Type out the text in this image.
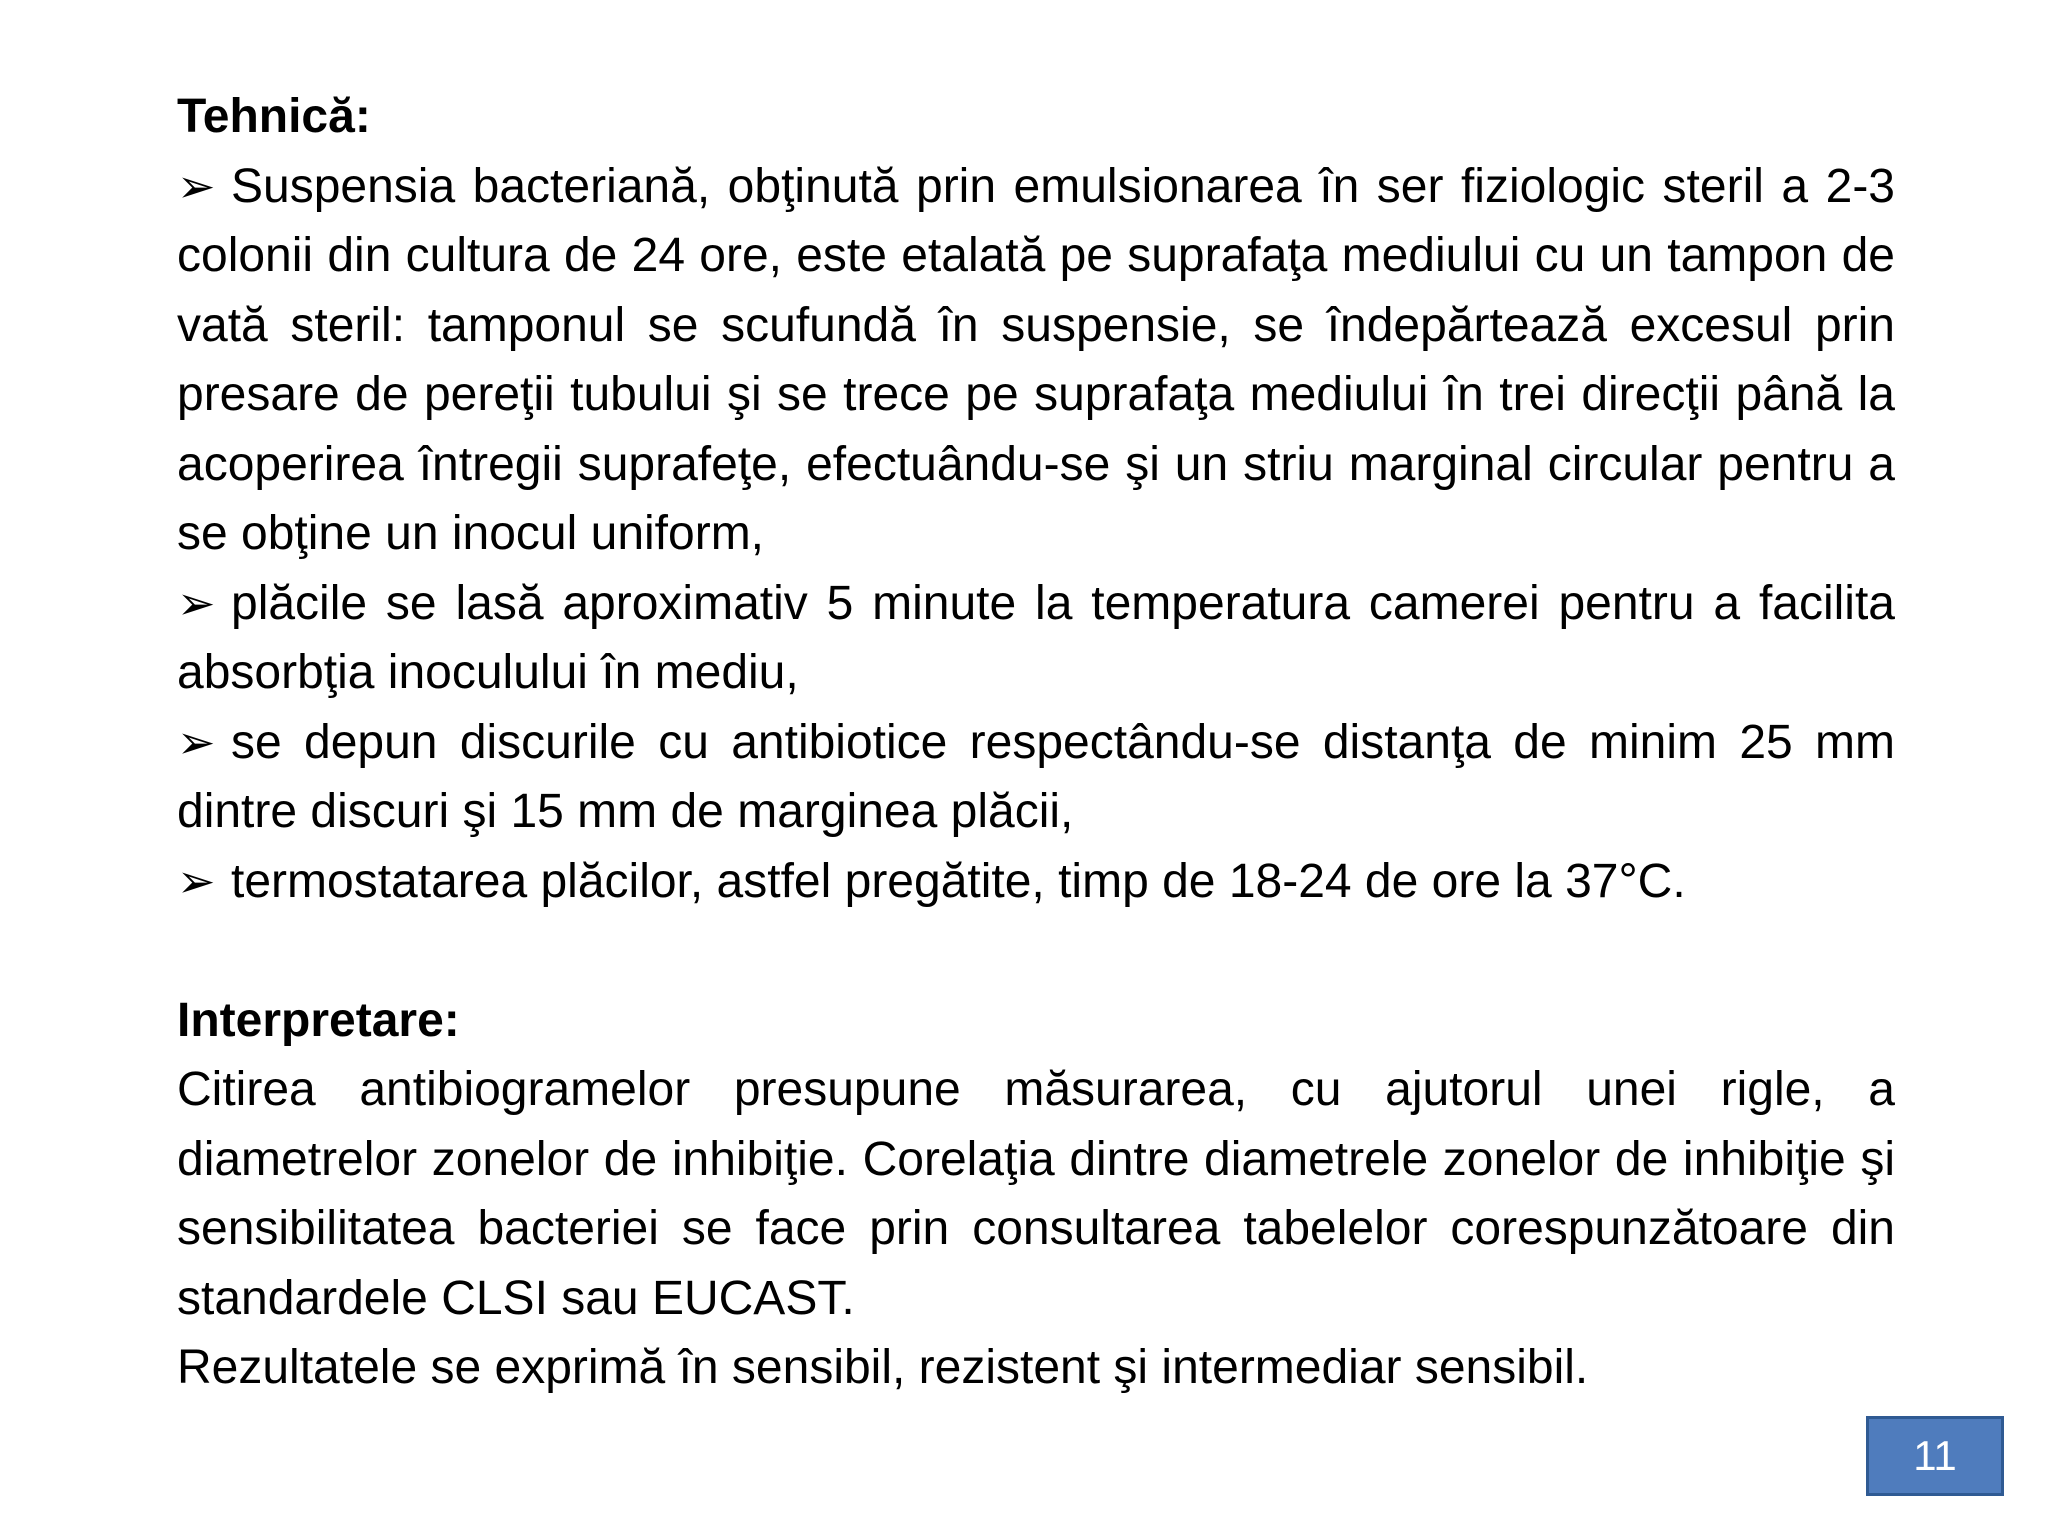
Tehnică:

➢ Suspensia bacteriană, obţinută prin emulsionarea în ser fiziologic steril a 2-3 colonii din cultura de 24 ore, este etalată pe suprafaţa mediului cu un tampon de vată steril: tamponul se scufundă în suspensie, se îndepărtează excesul prin presare de pereţii tubului şi se trece pe suprafaţa mediului în trei direcţii până la acoperirea întregii suprafeţe, efectuându-se şi un striu marginal circular pentru a se obţine un inocul uniform,

➢ plăcile se lasă aproximativ 5 minute la temperatura camerei pentru a facilita absorbţia inoculului în mediu,

➢ se depun discurile cu antibiotice respectându-se distanţa de minim 25 mm dintre discuri şi 15 mm de marginea plăcii,

➢ termostatarea plăcilor, astfel pregătite, timp de 18-24 de ore la 37°C.

Interpretare:

Citirea antibiogramelor presupune măsurarea, cu ajutorul unei rigle, a diametrelor zonelor de inhibiţie. Corelaţia dintre diametrele zonelor de inhibiţie şi sensibilitatea bacteriei se face prin consultarea tabelelor corespunzătoare din standardele CLSI sau EUCAST.

Rezultatele se exprimă în sensibil, rezistent şi intermediar sensibil.

11
